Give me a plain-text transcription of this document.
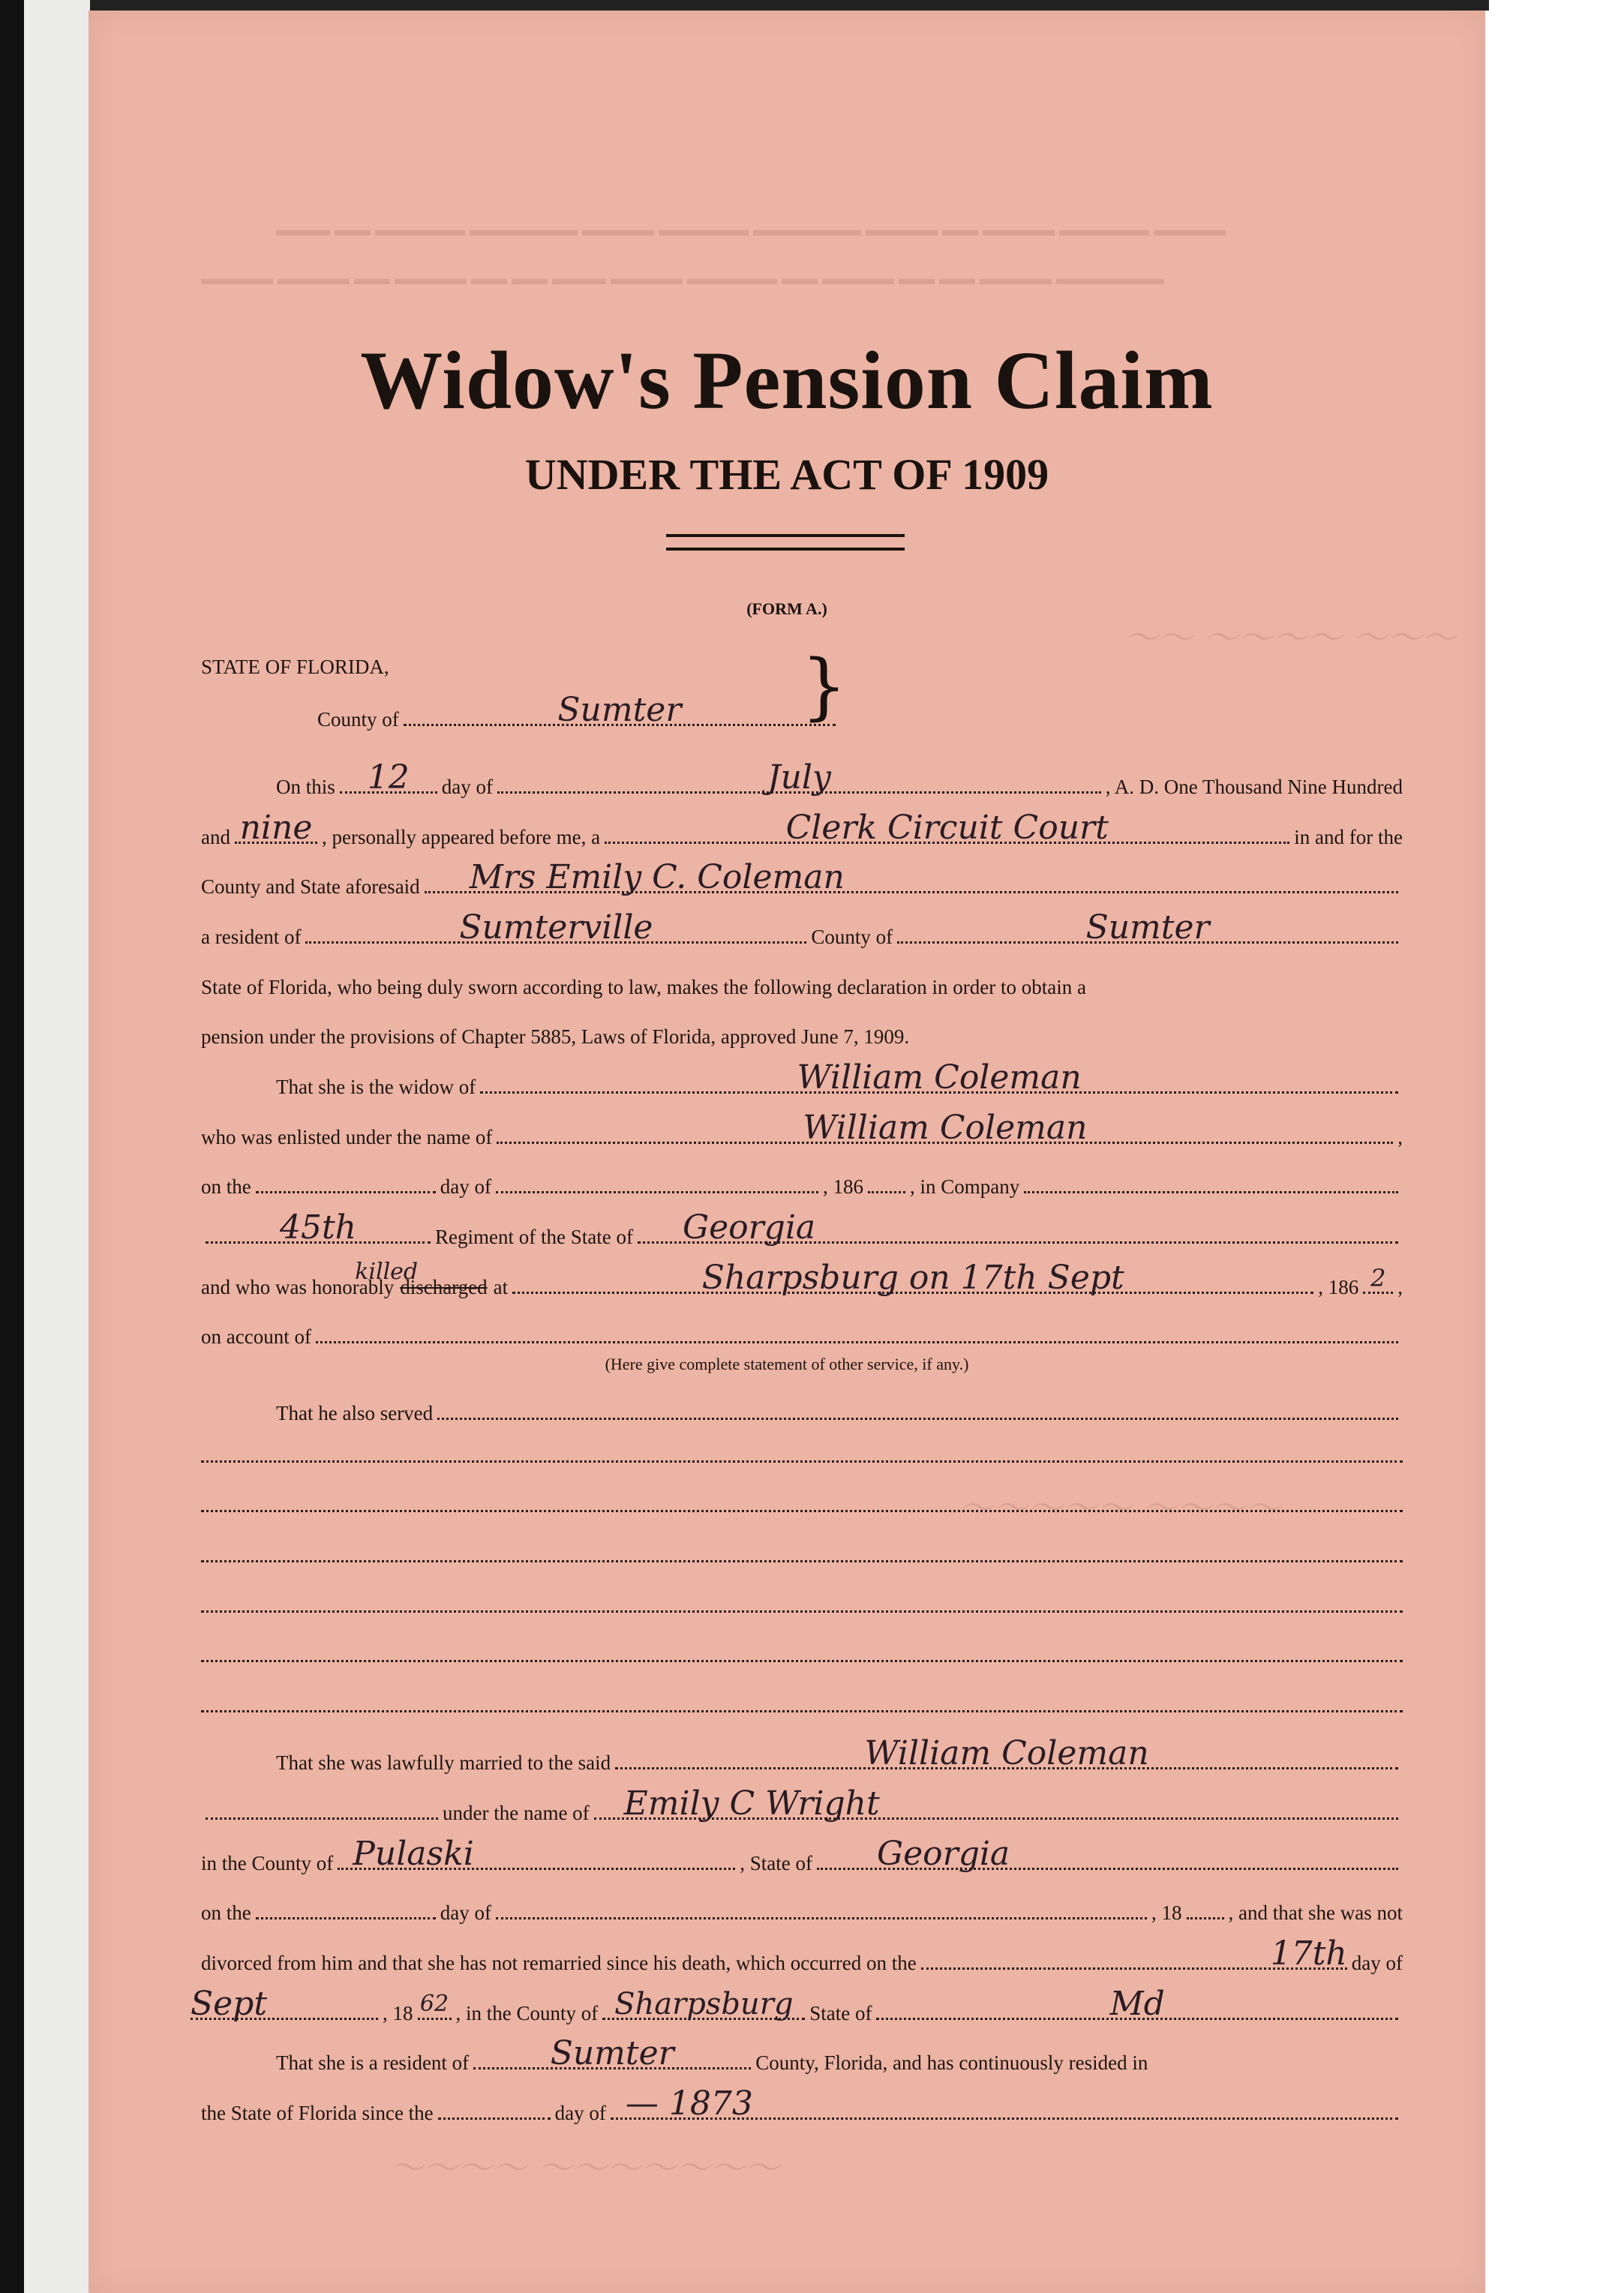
▬▬▬ ▬▬ ▬▬▬▬▬ ▬▬▬▬▬▬ ▬▬▬▬ ▬▬▬▬▬ ▬▬▬▬▬▬ ▬▬▬▬ ▬▬ ▬▬▬▬ ▬▬▬▬▬ ▬▬▬▬
▬▬▬▬ ▬▬▬▬ ▬▬ ▬▬▬▬ ▬▬ ▬▬ ▬▬▬ ▬▬▬▬ ▬▬▬▬▬ ▬▬ ▬▬▬▬ ▬▬ ▬▬ ▬▬▬▬ ▬▬▬▬▬▬
〜〜 〜〜〜〜 〜〜〜
〜〜〜〜〜 〜〜〜〜
〜〜〜〜 〜〜〜〜〜〜〜
Widow's Pension Claim
UNDER THE ACT OF 1909
(FORM A.)
STATE OF FLORIDA,	}
County of	Sumter
On this 12	day of	July	, A. D. One Thousand Nine Hundred
and nine , personally appeared before me, a	Clerk Circuit Court	in and for the
County and State aforesaid	Mrs Emily C. Coleman
a resident of	Sumterville	County of	Sumter
State of Florida, who being duly sworn according to law, makes the following declaration in order to obtain a
pension under the provisions of Chapter 5885, Laws of Florida, approved June 7, 1909.
That she is the widow of	William Coleman
who was enlisted under the name of	William Coleman	,
on the	day of	, 186 , in Company
45th	Regiment of the State of	Georgia
and who was honorably
killed
discharged at	Sharpsburg on 17th Sept	, 186 2 ,
on account of
(Here give complete statement of other service, if any.)
That he also served
That she was lawfully married to the said	William Coleman
under the name of	Emily C Wright
in the County of Pulaski	, State of	Georgia
on the	day of	, 18 , and that she was not
divorced from him and that she has not remarried since his death, which occurred on the	17th day of
Sept	, 18 62 , in the County of Sharpsburg State of	Md
That she is a resident of	Sumter	County, Florida, and has continuously resided in
the State of Florida since the	day of — 1873
